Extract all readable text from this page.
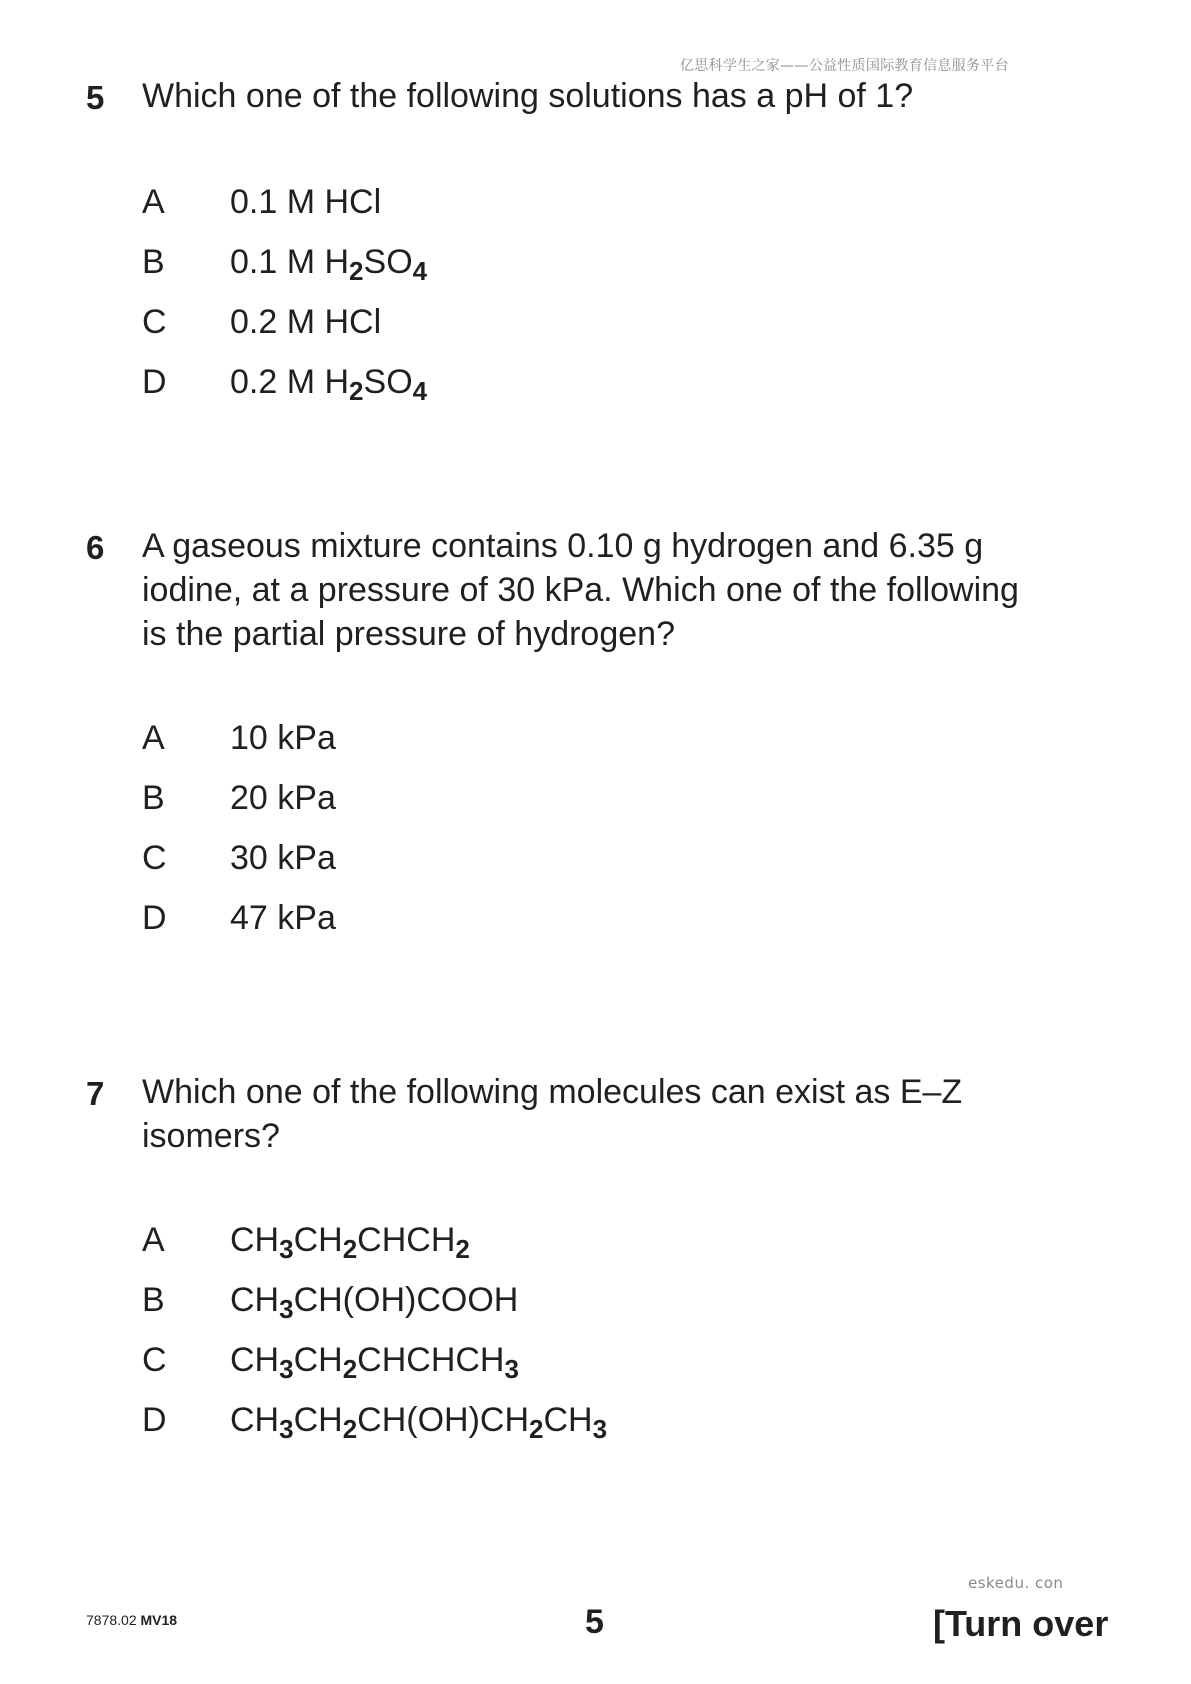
亿思科学生之家——公益性质国际教育信息服务平台
5 Which one of the following solutions has a pH of 1?
A 0.1 M HCl
B 0.1 M $H_2SO_4$
C 0.2 M HCl
D 0.2 M $H_2SO_4$
6 A gaseous mixture contains 0.10 g hydrogen and 6.35 g
iodine, at a pressure of 30 kPa. Which one of the following
is the partial pressure of hydrogen?
A 10 kPa
B 20 kPa
C 30 kPa
D 47 kPa
7 Which one of the following molecules can exist as E–Z
isomers?
A $CH_3CH_2CHCH_2$
B $CH_3CH(OH)COOH$
C $CH_3CH_2CHCHCH_3$
D $CH_3CH_2CH(OH)CH_2CH_3$
eskedu. con
7878.02 MV18	5	[Turn over
